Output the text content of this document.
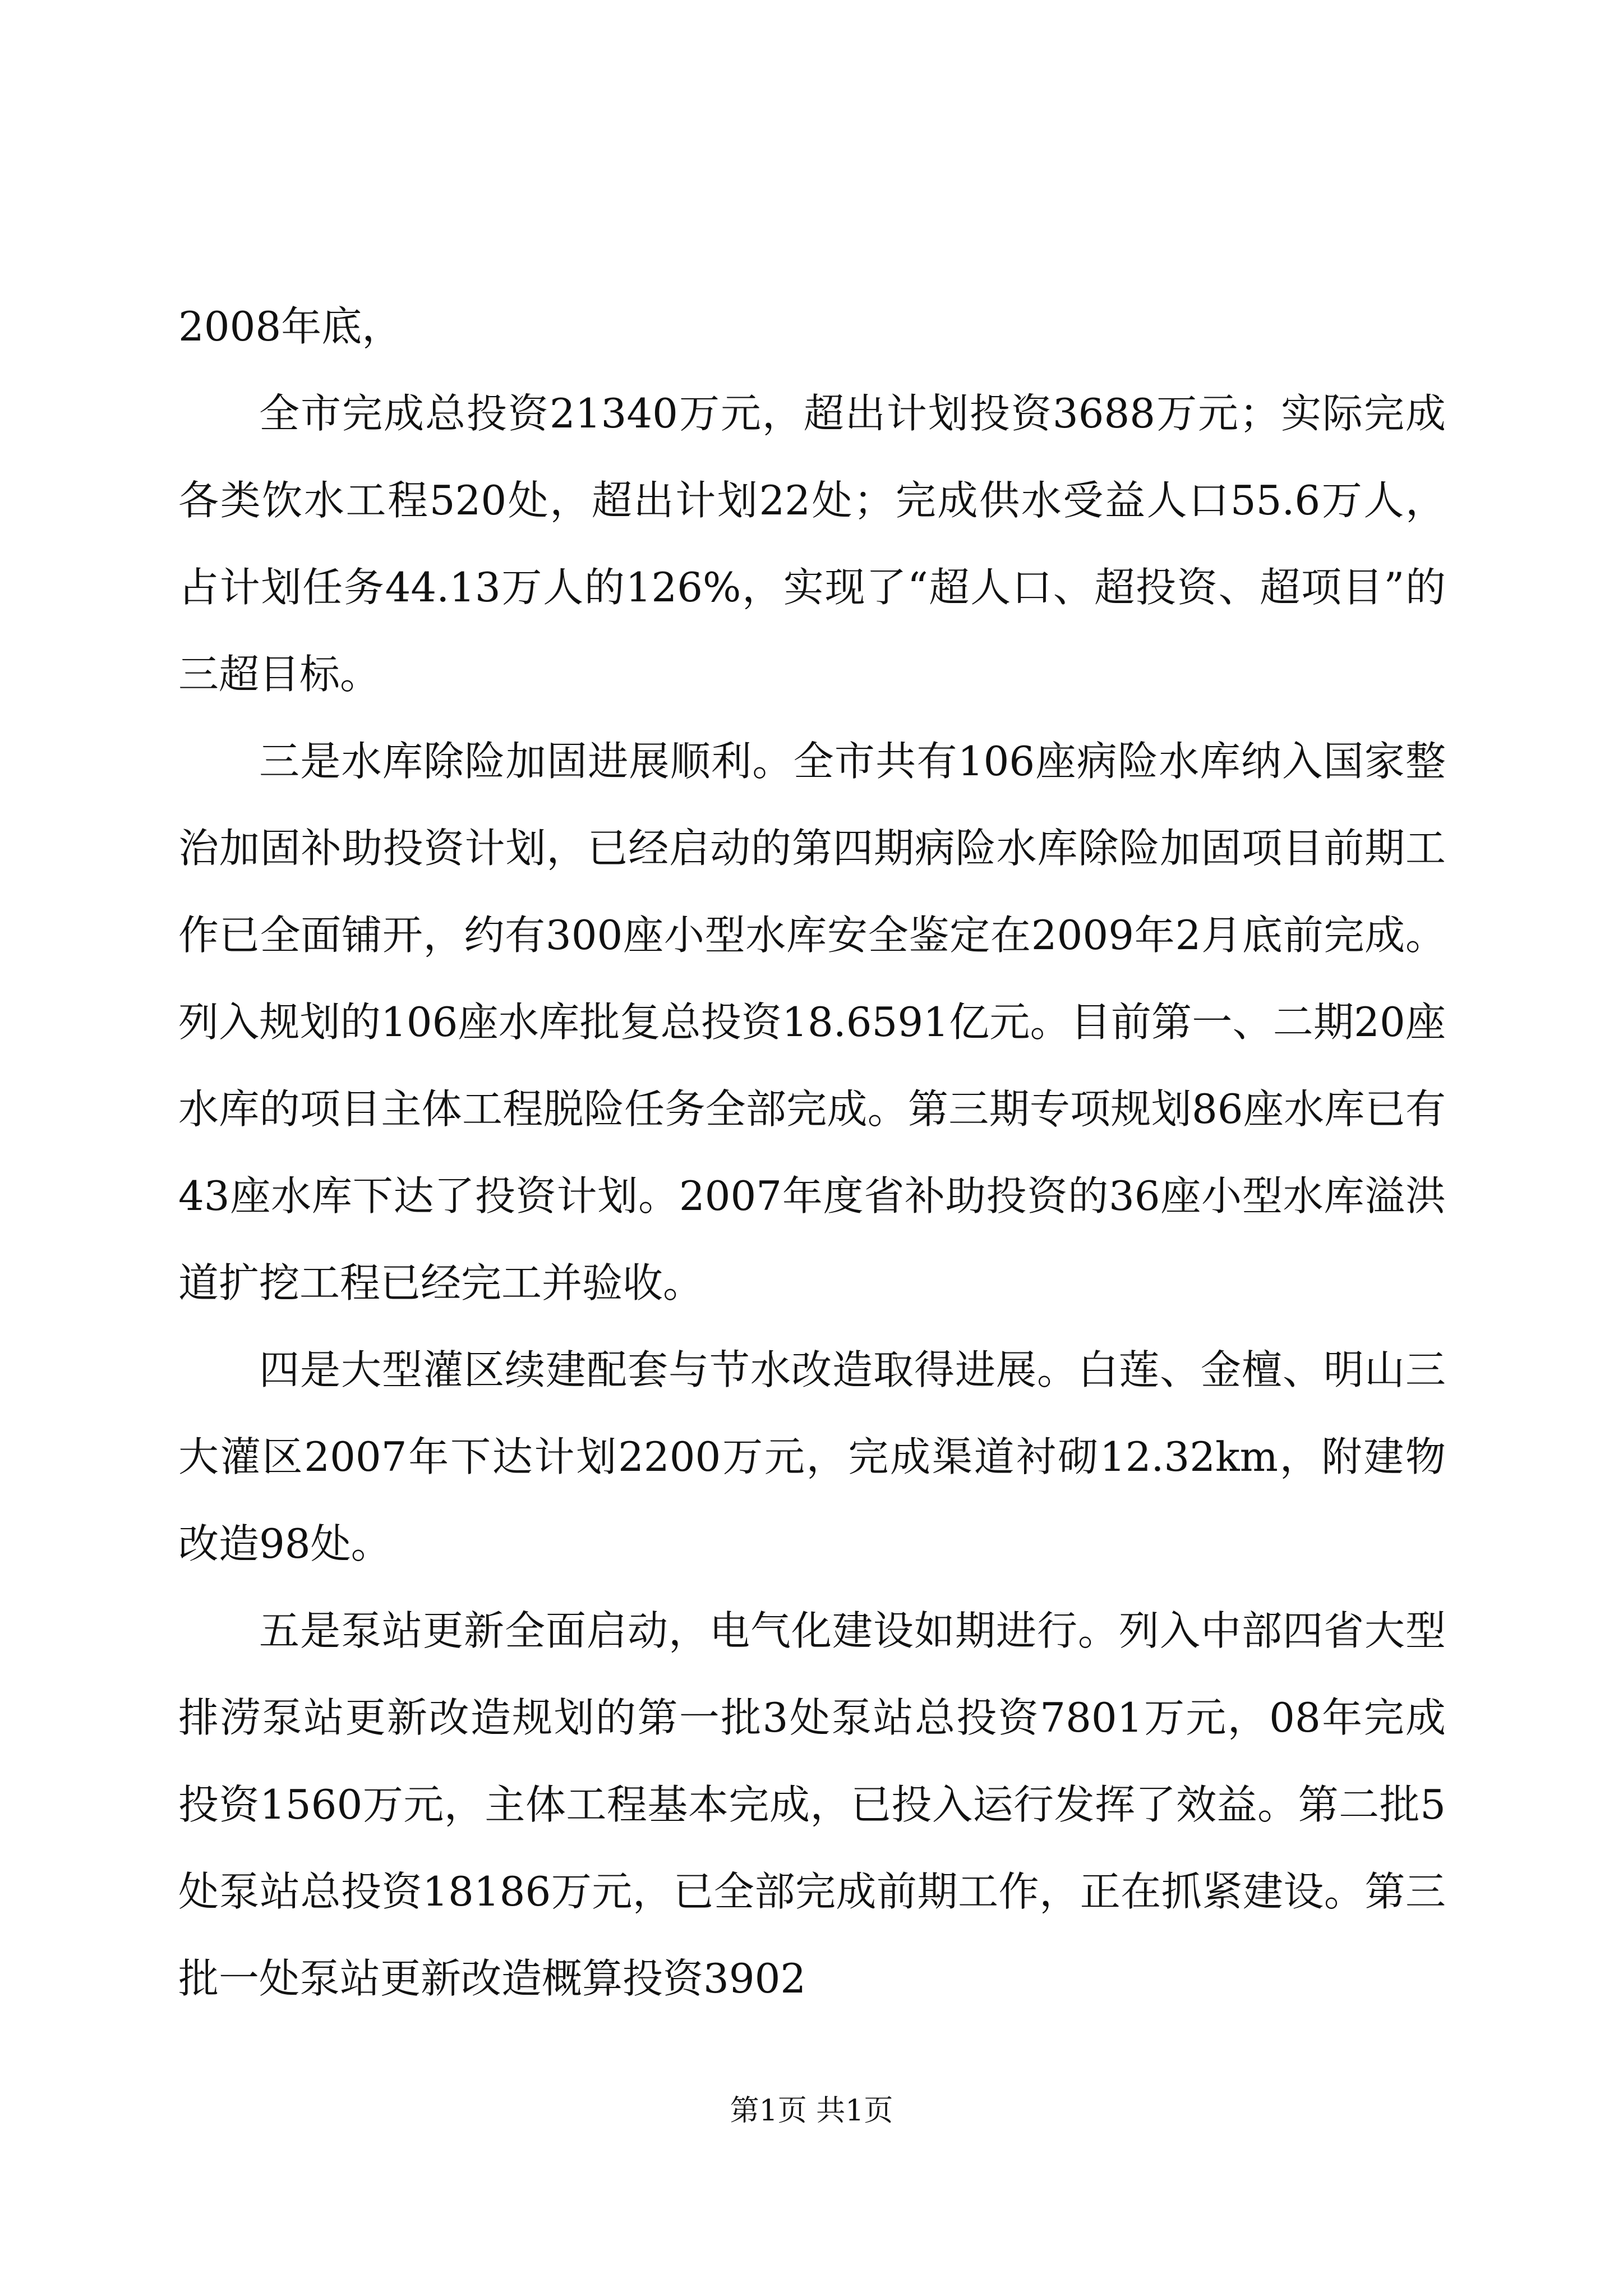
2008年底，

全市完成总投资21340万元，超出计划投资3688万元；实际完成各类饮水工程520处，超出计划22处；完成供水受益人口55.6万人，占计划任务44.13万人的126%，实现了“超人口、超投资、超项目”的三超目标。

三是水库除险加固进展顺利。全市共有106座病险水库纳入国家整治加固补助投资计划，已经启动的第四期病险水库除险加固项目前期工作已全面铺开，约有300座小型水库安全鉴定在2009年2月底前完成。列入规划的106座水库批复总投资18.6591亿元。目前第一、二期20座水库的项目主体工程脱险任务全部完成。第三期专项规划86座水库已有43座水库下达了投资计划。2007年度省补助投资的36座小型水库溢洪道扩挖工程已经完工并验收。

四是大型灌区续建配套与节水改造取得进展。白莲、金檀、明山三大灌区2007年下达计划2200万元，完成渠道衬砌12.32km，附建物改造98处。

五是泵站更新全面启动，电气化建设如期进行。列入中部四省大型排涝泵站更新改造规划的第一批3处泵站总投资7801万元，08年完成投资1560万元，主体工程基本完成，已投入运行发挥了效益。第二批5处泵站总投资18186万元，已全部完成前期工作，正在抓紧建设。第三批一处泵站更新改造概算投资3902

第1页 共1页
